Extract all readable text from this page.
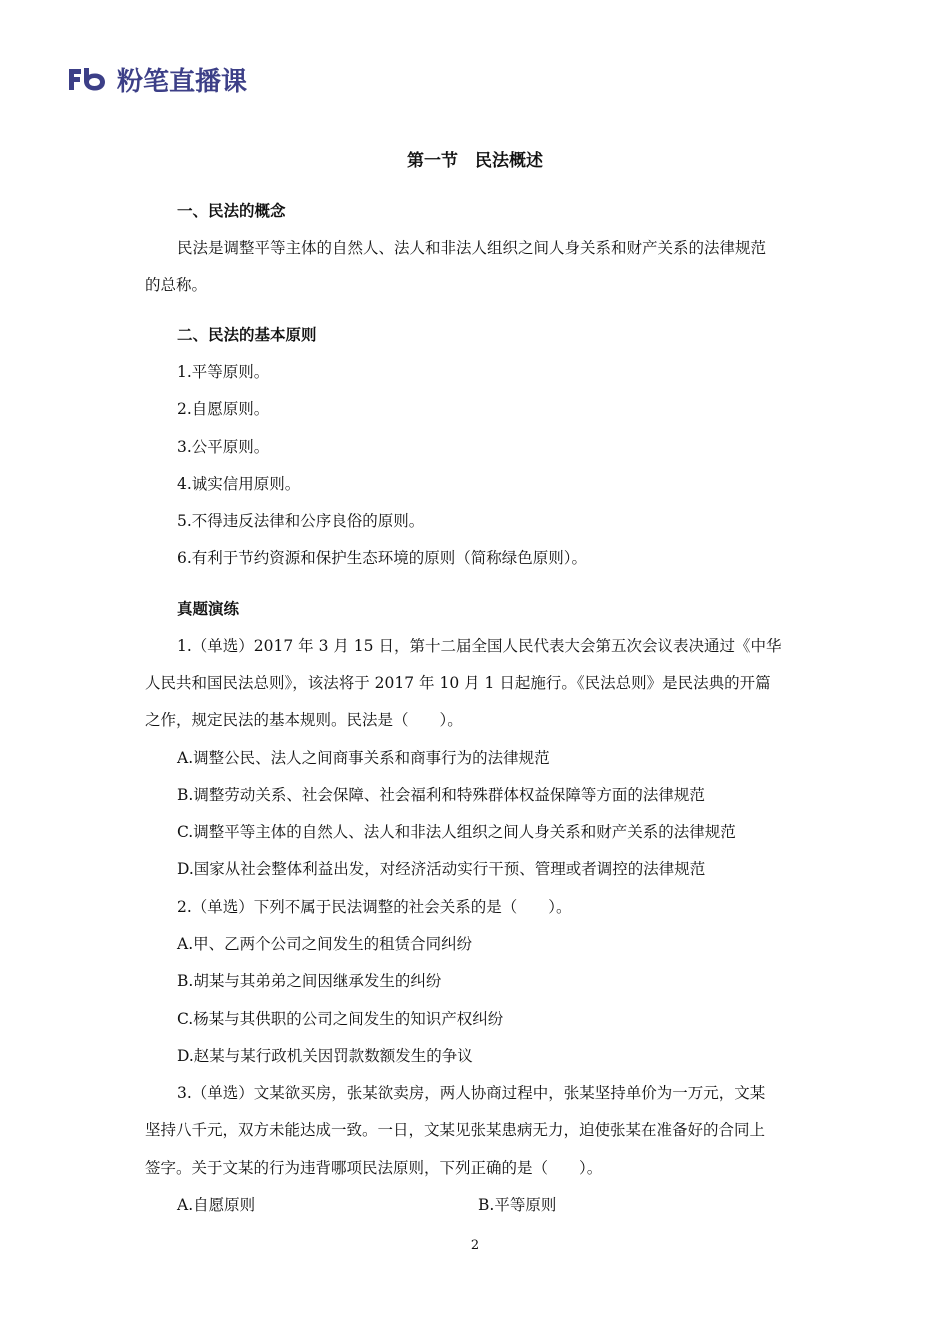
粉笔直播课
第一节　民法概述
一、民法的概念
民法是调整平等主体的自然人、法人和非法人组织之间人身关系和财产关系的法律规范
的总称。
二、民法的基本原则
1.平等原则。
2.自愿原则。
3.公平原则。
4.诚实信用原则。
5.不得违反法律和公序良俗的原则。
6.有利于节约资源和保护生态环境的原则（简称绿色原则）。
真题演练
1.（单选）2017 年 3 月 15 日，第十二届全国人民代表大会第五次会议表决通过《中华
人民共和国民法总则》，该法将于 2017 年 10 月 1 日起施行。《民法总则》是民法典的开篇
之作，规定民法的基本规则。民法是（　　）。
A.调整公民、法人之间商事关系和商事行为的法律规范
B.调整劳动关系、社会保障、社会福利和特殊群体权益保障等方面的法律规范
C.调整平等主体的自然人、法人和非法人组织之间人身关系和财产关系的法律规范
D.国家从社会整体利益出发，对经济活动实行干预、管理或者调控的法律规范
2.（单选）下列不属于民法调整的社会关系的是（　　）。
A.甲、乙两个公司之间发生的租赁合同纠纷
B.胡某与其弟弟之间因继承发生的纠纷
C.杨某与其供职的公司之间发生的知识产权纠纷
D.赵某与某行政机关因罚款数额发生的争议
3.（单选）文某欲买房，张某欲卖房，两人协商过程中，张某坚持单价为一万元，文某
坚持八千元，双方未能达成一致。一日，文某见张某患病无力，迫使张某在准备好的合同上
签字。关于文某的行为违背哪项民法原则，下列正确的是（　　）。
A.自愿原则	B.平等原则
2
